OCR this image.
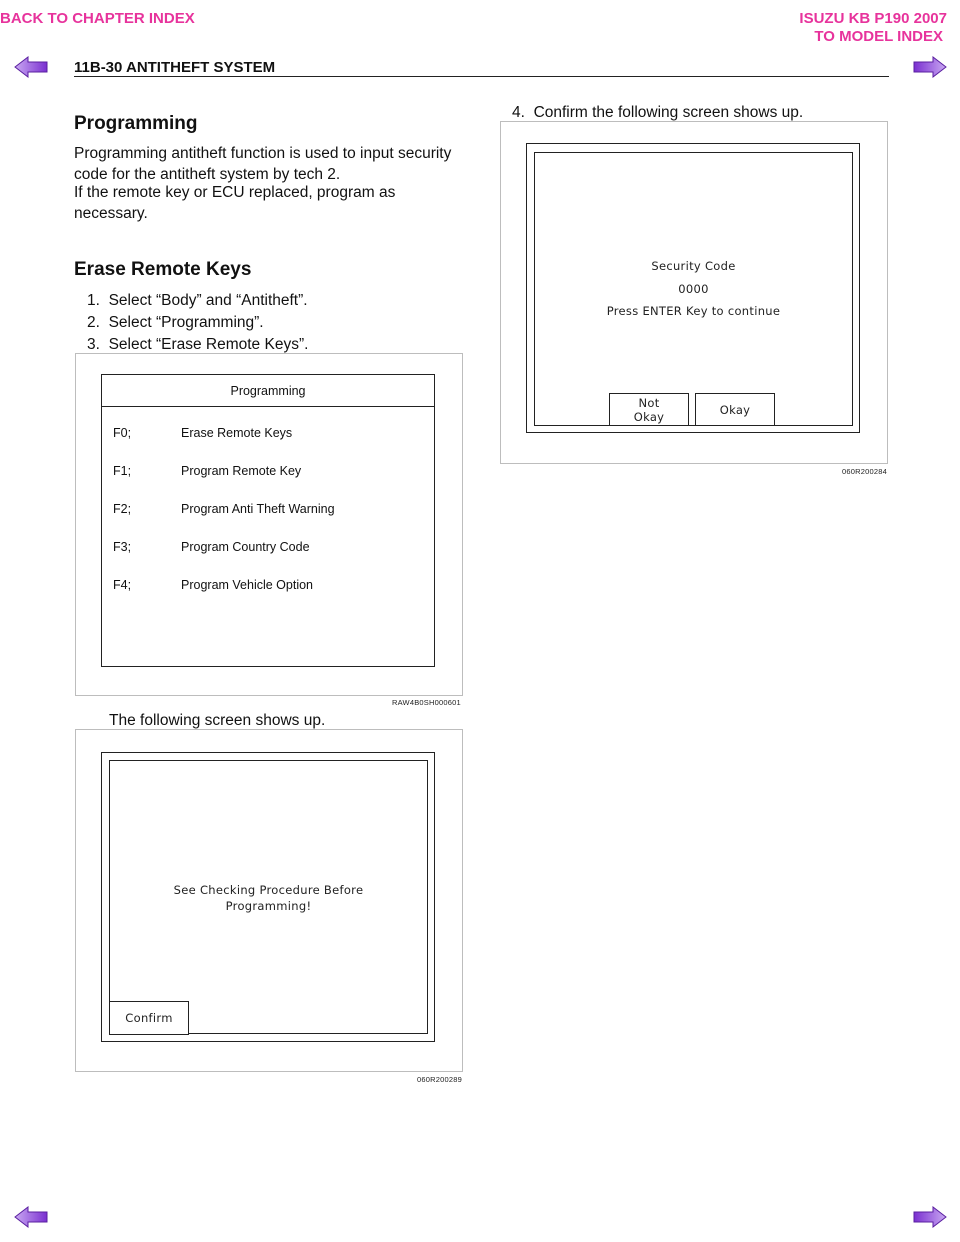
BACK TO CHAPTER INDEX	ISUZU KB P190 2007
TO MODEL INDEX
11B-30 ANTITHEFT SYSTEM
Programming

Programming antitheft function is used to input security code for the antitheft system by tech 2.

If the remote key or ECU replaced, program as necessary.

Erase Remote Keys
1. Select “Body” and “Antitheft”.
2. Select “Programming”.
3. Select “Erase Remote Keys”.
Programming
F0;	Erase Remote Keys
F1;	Program Remote Key
F2;	Program Anti Theft Warning
F3;	Program Country Code
F4;	Program Vehicle Option
RAW4B0SH000601
The following screen shows up.
See Checking Procedure Before
Programming!
Confirm
060R200289
4. Confirm the following screen shows up.
Security Code
0000
Press ENTER Key to continue
Not
Okay	Okay
060R200284
